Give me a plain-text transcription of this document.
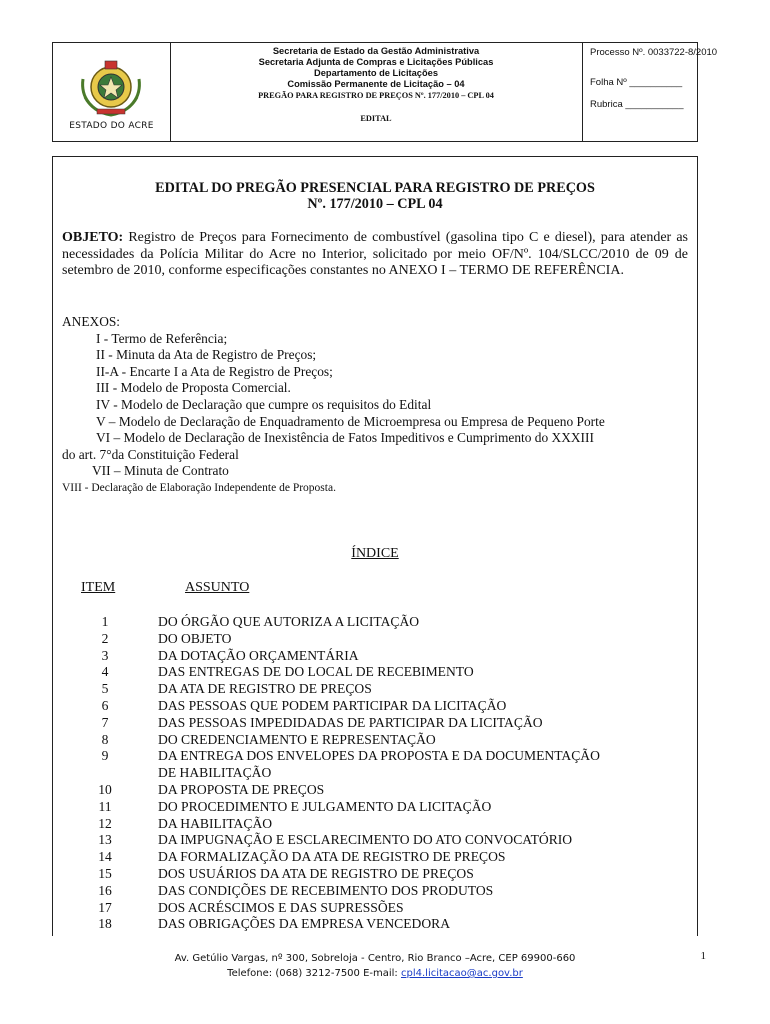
ESTADO DO ACRE
Secretaria de Estado da Gestão Administrativa
Secretaria Adjunta de Compras e Licitações Públicas
Departamento de Licitações
Comissão Permanente de Licitação – 04
PREGÃO PARA REGISTRO DE PREÇOS Nº. 177/2010 – CPL 04
EDITAL
Processo Nº. 0033722-8/2010
Folha Nº __________
Rubrica ___________
EDITAL DO PREGÃO PRESENCIAL PARA REGISTRO DE PREÇOS
Nº. 177/2010 – CPL 04
OBJETO: Registro de Preços para Fornecimento de combustível (gasolina tipo C e diesel), para atender as necessidades da Polícia Militar do Acre no Interior, solicitado por meio OF/Nº. 104/SLCC/2010 de 09 de setembro de 2010, conforme especificações constantes no ANEXO I – TERMO DE REFERÊNCIA.
ANEXOS:
I - Termo de Referência;
II - Minuta da Ata de Registro de Preços;
II-A - Encarte I a Ata de Registro de Preços;
III - Modelo de Proposta Comercial.
IV - Modelo de Declaração que cumpre os requisitos do Edital
V – Modelo de Declaração de Enquadramento de Microempresa ou Empresa de Pequeno Porte
VI – Modelo de Declaração de Inexistência de Fatos Impeditivos e Cumprimento do XXXIII
do art. 7°da Constituição Federal
VII – Minuta de Contrato
VIII - Declaração de Elaboração Independente de Proposta.
ÍNDICE
ITEM	ASSUNTO
1	DO ÓRGÃO QUE AUTORIZA A LICITAÇÃO
2	DO OBJETO
3	DA DOTAÇÃO ORÇAMENTÁRIA
4	DAS ENTREGAS DE DO LOCAL DE RECEBIMENTO
5	DA ATA DE REGISTRO DE PREÇOS
6	DAS PESSOAS QUE PODEM PARTICIPAR DA LICITAÇÃO
7	DAS PESSOAS IMPEDIDADAS DE PARTICIPAR DA LICITAÇÃO
8	DO CREDENCIAMENTO E REPRESENTAÇÃO
9	DA ENTREGA DOS ENVELOPES DA PROPOSTA E DA DOCUMENTAÇÃO
DE HABILITAÇÃO
10	DA PROPOSTA DE PREÇOS
11	DO PROCEDIMENTO E JULGAMENTO DA LICITAÇÃO
12	DA HABILITAÇÃO
13	DA IMPUGNAÇÃO E ESCLARECIMENTO DO ATO CONVOCATÓRIO
14	DA FORMALIZAÇÃO DA ATA DE REGISTRO DE PREÇOS
15	DOS USUÁRIOS DA ATA DE REGISTRO DE PREÇOS
16	DAS CONDIÇÕES DE RECEBIMENTO DOS PRODUTOS
17	DOS ACRÉSCIMOS E DAS SUPRESSÕES
18	DAS OBRIGAÇÕES DA EMPRESA VENCEDORA
Av. Getúlio Vargas, nº 300, Sobreloja - Centro, Rio Branco –Acre, CEP 69900-660
Telefone: (068) 3212-7500 E-mail: cpl4.licitacao@ac.gov.br
1
